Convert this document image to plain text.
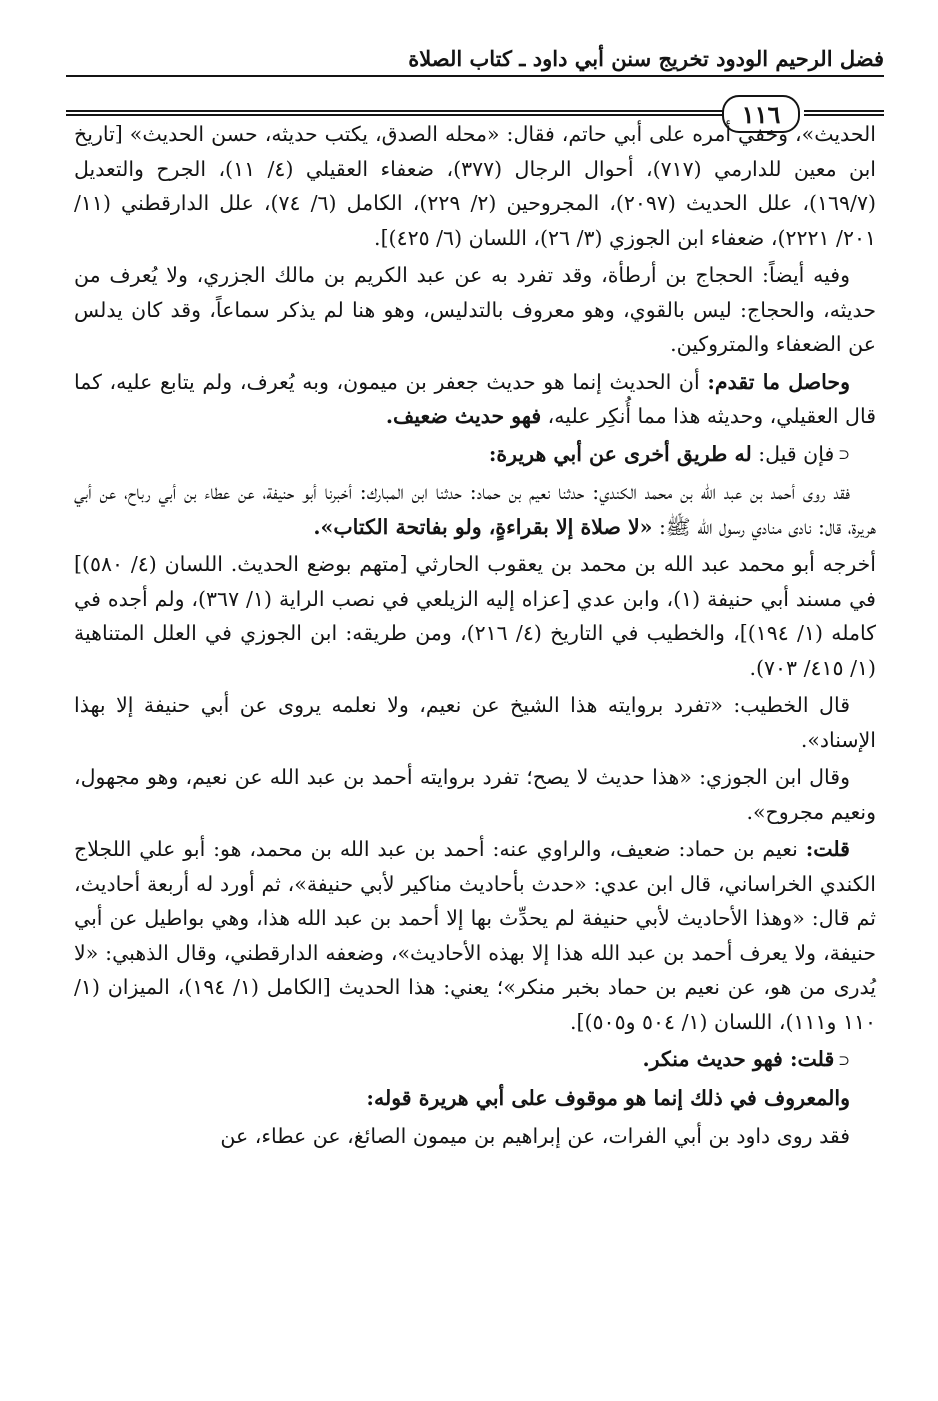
فضل الرحيم الودود تخريج سنن أبي داود ـ كتاب الصلاة
١١٦

الحديث»، وخفي أمره على أبي حاتم، فقال: «محله الصدق، يكتب حديثه، حسن الحديث» [تاريخ ابن معين للدارمي (٧١٧)، أحوال الرجال (٣٧٧)، ضعفاء العقيلي (٤/ ١١)، الجرح والتعديل (١٦٩/٧)، علل الحديث (٢٠٩٧)، المجروحين (٢/ ٢٢٩)، الكامل (٦/ ٧٤)، علل الدارقطني (١١/ ٢٠١/ ٢٢٢١)، ضعفاء ابن الجوزي (٣/ ٢٦)، اللسان (٦/ ٤٢٥)].

وفيه أيضاً: الحجاج بن أرطأة، وقد تفرد به عن عبد الكريم بن مالك الجزري، ولا يُعرف من حديثه، والحجاج: ليس بالقوي، وهو معروف بالتدليس، وهو هنا لم يذكر سماعاً، وقد كان يدلس عن الضعفاء والمتروكين.

وحاصل ما تقدم: أن الحديث إنما هو حديث جعفر بن ميمون، وبه يُعرف، ولم يتابع عليه، كما قال العقيلي، وحديثه هذا مما أُنكِر عليه، فهو حديث ضعيف.

⊂فإن قيل: له طريق أخرى عن أبي هريرة:

فقد روى أحمد بن عبد الله بن محمد الكندي: حدثنا نعيم بن حماد: حدثنا ابن المبارك: أخبرنا أبو حنيفة، عن عطاء بن أبي رباح، عن أبي هريرة، قال: نادى منادي رسول الله ﷺ: «لا صلاة إلا بقراءةٍ، ولو بفاتحة الكتاب».

أخرجه أبو محمد عبد الله بن محمد بن يعقوب الحارثي [متهم بوضع الحديث. اللسان (٤/ ٥٨٠)] في مسند أبي حنيفة (١)، وابن عدي [عزاه إليه الزيلعي في نصب الراية (١/ ٣٦٧)، ولم أجده في كامله (١/ ١٩٤)]، والخطيب في التاريخ (٤/ ٢١٦)، ومن طريقه: ابن الجوزي في العلل المتناهية (١/ ٤١٥/ ٧٠٣).

قال الخطيب: «تفرد بروايته هذا الشيخ عن نعيم، ولا نعلمه يروى عن أبي حنيفة إلا بهذا الإسناد».

وقال ابن الجوزي: «هذا حديث لا يصح؛ تفرد بروايته أحمد بن عبد الله عن نعيم، وهو مجهول، ونعيم مجروح».

قلت: نعيم بن حماد: ضعيف، والراوي عنه: أحمد بن عبد الله بن محمد، هو: أبو علي اللجلاج الكندي الخراساني، قال ابن عدي: «حدث بأحاديث مناكير لأبي حنيفة»، ثم أورد له أربعة أحاديث، ثم قال: «وهذا الأحاديث لأبي حنيفة لم يحدِّث بها إلا أحمد بن عبد الله هذا، وهي بواطيل عن أبي حنيفة، ولا يعرف أحمد بن عبد الله هذا إلا بهذه الأحاديث»، وضعفه الدارقطني، وقال الذهبي: «لا يُدرى من هو، عن نعيم بن حماد بخبر منكر»؛ يعني: هذا الحديث [الكامل (١/ ١٩٤)، الميزان (١/ ١١٠ و١١١)، اللسان (١/ ٥٠٤ و٥٠٥)].

⊂قلت: فهو حديث منكر.

والمعروف في ذلك إنما هو موقوف على أبي هريرة قوله:

فقد روى داود بن أبي الفرات، عن إبراهيم بن ميمون الصائغ، عن عطاء، عن
